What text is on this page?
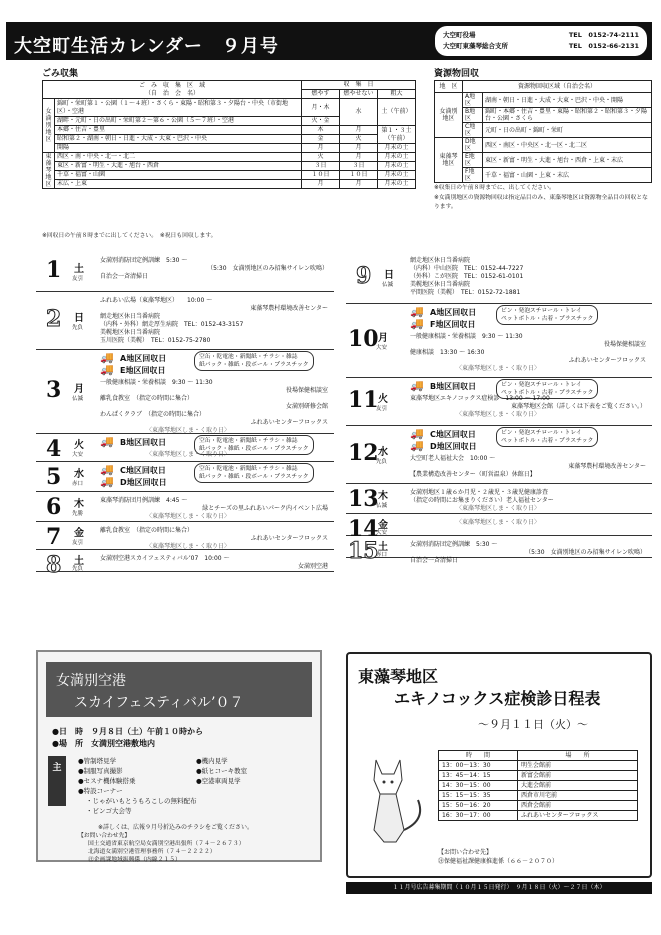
大空町生活カレンダー　９月号
大空町役場	TEL　0152-74-2111
大空町東藻琴総合支所	TEL　0152-66-2131
ごみ収集
ご　み　収　集　区　域
（自　治　会　名）		収　集　日		
		燃やす	燃やせない	粗大
女満別地区	錦町・栄町第１・公園（１～４班）・さくら・東陽・昭和第３・夕陽台・中央（市街地区）・空港	月・木	水	土（午前）
	湖畔・元町・日の出町・栄町第２～第６・公園（５～７班）・空港	火・金		
	本郷・住吉・豊里	木	月	第１・３土（午前）
	昭和第２・湖南・朝日・日進・大成・大東・巴沢・中央	金	火	
	開陽	月	月	月末の土
東藻琴地区	西区・南・中央・北一・北二	火	月	月末の土
	東区・新富・明生・大進・旭台・西倉	３日	３日	月末の土
	千草・福富・山園	１０日	１０日	月末の土
	末広・上東	月	月	月末の土
※回収日の午前８時までに出してください。　※祝日も回収します。
資源物回収
地　区	資源物回収区域（自治会名）	
女満別地区	A地区	湖南・朝日・日進・大成・大東・巴沢・中央・開陽
	B地区	錦町・本郷・住吉・豊里・東陽・昭和第２・昭和第３・夕陽台・公園・さくら
	C地区	元町・日の出町・錦町・栄町
東藻琴地区	D地区	西区・南区・中央区・北一区・北二区
	E地区	東区・新富・明生・大進・旭台・西倉・上東・末広
	F地区	千草・福富・山園・上東・末広
※収集日の午前８時までに、出してください。
※女満別地区の資源物回収は指定品目のみ、東藻琴地区は資源物全品目の回収となります。
1 土
友引
女満別消防団定例訓練　5:30 ～
（5:30　女満別地区のみ招集サイレン吹鳴）
自治会一斉清掃日
2 日
先負
ふれあい広場（東藻琴地区）　　10:00 ～
東藻琴農村環境改善センター
網走地区休日当番病院
（内科・外科）網走厚生病院　TEL：0152-43-3157
美幌地区休日当番病院
玉川医院（美幌）　TEL：0152-75-2780
3 月
仏滅
A地区回収日
🚚	空缶・乾電池・新聞紙・チラシ・雑誌
紙パック・雑紙・段ボール・プラスチック
E地区回収日
🚚
一般健康相談・栄養相談　9:30 ～ 11:30
役場保健相談室
離乳食教室　（指定の時間に集合）
女満別研修会館
わんぱくクラブ　（指定の時間に集合）
ふれあいセンターフロックス
〈東藻琴地区しま・く取り日〉
4 火
大安
B地区回収日
🚚	空缶・乾電池・新聞紙・チラシ・雑誌
紙パック・雑紙・段ボール・プラスチック
〈東藻琴地区しま・く取り日〉
5 水
赤口
C地区回収日
🚚	空缶・乾電池・新聞紙・チラシ・雑誌
紙パック・雑紙・段ボール・プラスチック
D地区回収日
🚚
6 木
先勝
東藻琴消防団月例訓練　4:45 ～
緑とチーズの里ふれあいパーク内イベント広場
〈東藻琴地区しま・く取り日〉
7 金
友引
離乳食教室　（指定の時間に集合）
ふれあいセンターフロックス
〈東藻琴地区しま・く取り日〉
8 土
先負
女満別空港スカイフェスティバル’07　10:00 ～
女満別空港
9 日
仏滅
網走地区休日当番病院
（内科）中山医院　TEL：0152-44-7227
（外科）こが医院　TEL：0152-61-0101
美幌地区休日当番病院
平間医院（美幌）　TEL：0152-72-1881
10 月
大安
A地区回収日
🚚	ビン・発泡スチロール・トレイ
ペットボトル・古着・プラスチック
F地区回収日
🚚
一般健康相談・栄養相談　9:30 ～ 11:30
役場保健相談室
健康相談　13:30 ～ 16:30
ふれあいセンターフロックス
〈東藻琴地区しま・く取り日〉
11 火
友引
B地区回収日
🚚	ビン・発泡スチロール・トレイ
ペットボトル・古着・プラスチック
東藻琴地区エキノコックス症検診　13:00 ～ 17:00
東藻琴地区会館（詳しくは下表をご覧ください。）
〈東藻琴地区しま・く取り日〉
12 水
先負
C地区回収日
🚚	ビン・発泡スチロール・トレイ
ペットボトル・古着・プラスチック
D地区回収日
🚚
大空町老人福祉大会　10:00 ～
東藻琴農村環境改善センター
【農業構造改善センター（町営温泉）休館日】
13 木
仏滅
女満別地区１歳６か月児・２歳児・３歳児健康診査
（指定の時間にお集まりください）老人福祉センター
〈東藻琴地区しま・く取り日〉
14 金
大安
〈東藻琴地区しま・く取り日〉
15 土
赤口
女満別消防団定例訓練　5:30 ～
（5:30　女満別地区のみ招集サイレン吹鳴）
自治会一斉清掃日
女満別空港
スカイフェスティバル’０７
●日　時　 ９月８日（土）午前１０時から
●場　所　 女満別空港敷地内
主
●管制塔見学	●機内見学●制服写真撮影	●紙ヒコーキ教室●セスナ機体験搭乗	●空港車両見学
●特設コーナー
・じゃがいもとうもろこしの無料配布
・ビンゴ大会等
※詳しくは、広報９月号折込みのチラシをご覧ください。
【お問い合わせ先】
国土交通省東京航空局女満別空港出張所（７４－２６７３）
北海道女満別空港管理事務所（７４－２２２２）
㊟企画課地域振興係（内線２１５）
東藻琴地区
エキノコックス症検診日程表
～９月１１日（火）～
時　　間	場　　所
13：00～13：30	明生会館前
13：45～14：15	新富会館前
14：30～15：00	大進会館前
15：15～15：35	西倉市川宅前
15：50～16：20	西倉会館前
16：30～17：00	ふれあいセンターフロックス
【お問い合わせ先】
㊟保健福祉課健康推進係（６６－２０７０）
１１月号広告募集期間（１０月１５日発行）　９月１８日（火）～２７日（木）
